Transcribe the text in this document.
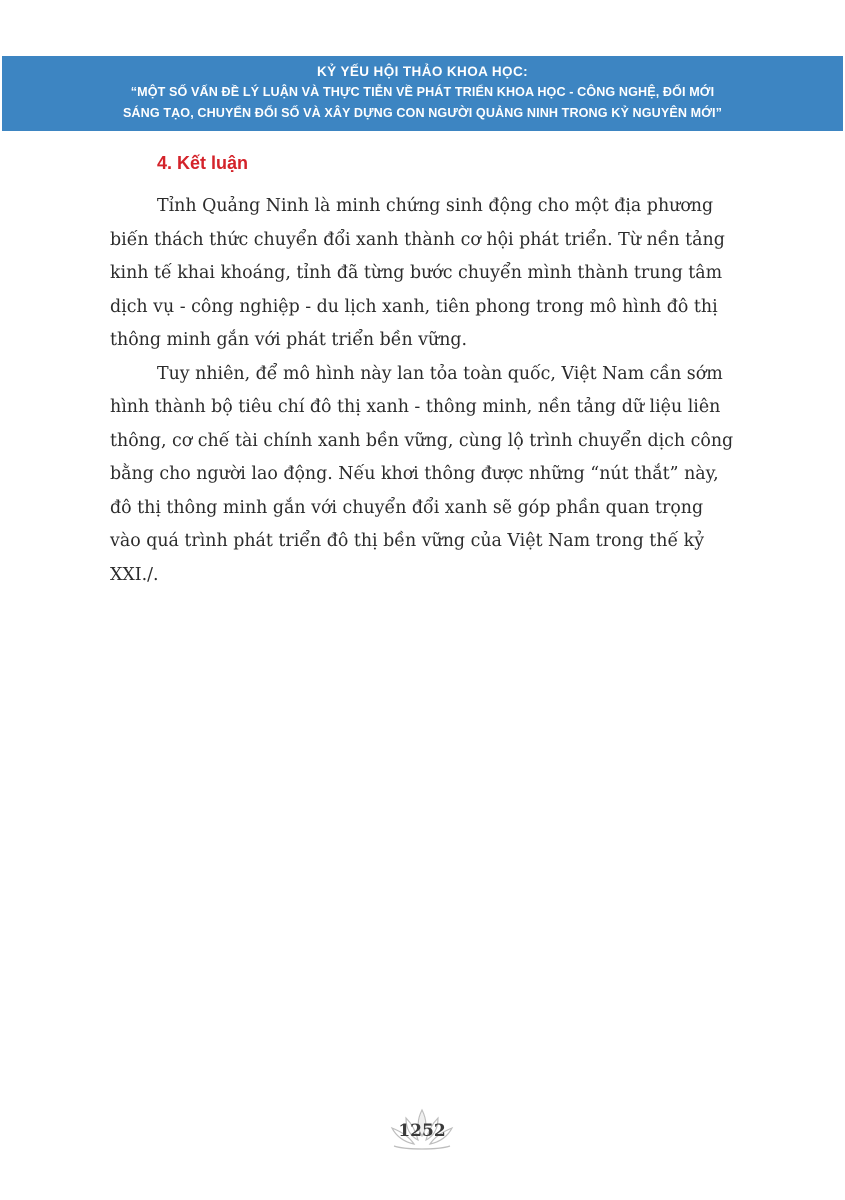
KỶ YẾU HỘI THẢO KHOA HỌC:
“MỘT SỐ VẤN ĐỀ LÝ LUẬN VÀ THỰC TIỄN VỀ PHÁT TRIỂN KHOA HỌC - CÔNG NGHỆ, ĐỔI MỚI
SÁNG TẠO, CHUYỂN ĐỔI SỐ VÀ XÂY DỰNG CON NGƯỜI QUẢNG NINH TRONG KỶ NGUYÊN MỚI”
4. Kết luận

Tỉnh Quảng Ninh là minh chứng sinh động cho một địa phương biến thách thức chuyển đổi xanh thành cơ hội phát triển. Từ nền tảng kinh tế khai khoáng, tỉnh đã từng bước chuyển mình thành trung tâm dịch vụ - công nghiệp - du lịch xanh, tiên phong trong mô hình đô thị thông minh gắn với phát triển bền vững.

Tuy nhiên, để mô hình này lan tỏa toàn quốc, Việt Nam cần sớm hình thành bộ tiêu chí đô thị xanh - thông minh, nền tảng dữ liệu liên thông, cơ chế tài chính xanh bền vững, cùng lộ trình chuyển dịch công bằng cho người lao động. Nếu khơi thông được những “nút thắt” này, đô thị thông minh gắn với chuyển đổi xanh sẽ góp phần quan trọng vào quá trình phát triển đô thị bền vững của Việt Nam trong thế kỷ XXI./.

1252
